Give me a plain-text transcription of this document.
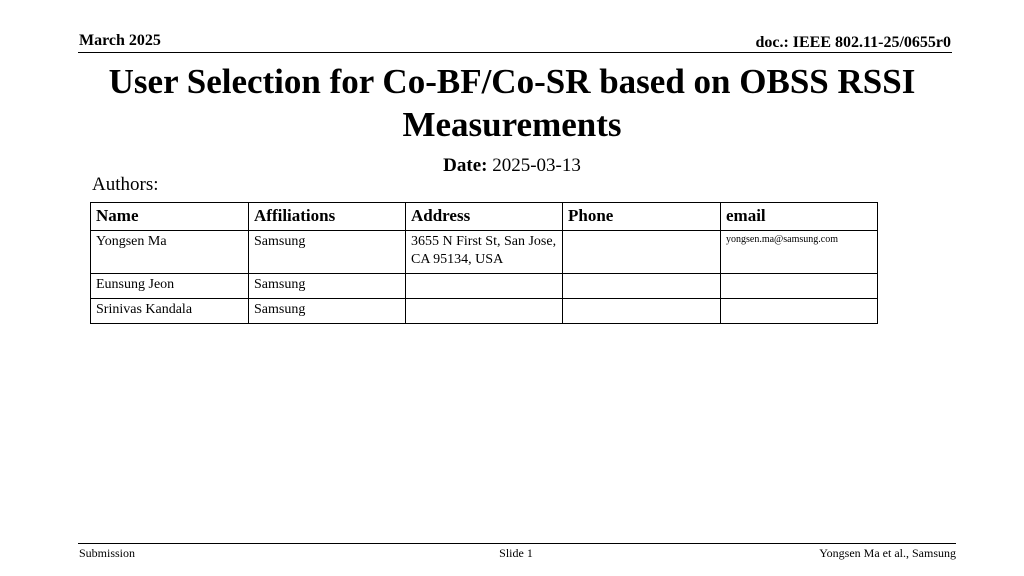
March 2025	doc.: IEEE 802.11-25/0655r0
User Selection for Co-BF/Co-SR based on OBSS RSSI Measurements
Date: 2025-03-13
Authors:
Name	Affiliations	Address	Phone	email
Yongsen Ma	Samsung	3655 N First St, San Jose, CA 95134, USA		yongsen.ma@samsung.com
Eunsung Jeon	Samsung			
Srinivas Kandala	Samsung			
Submission	Slide 1	Yongsen Ma et al., Samsung
